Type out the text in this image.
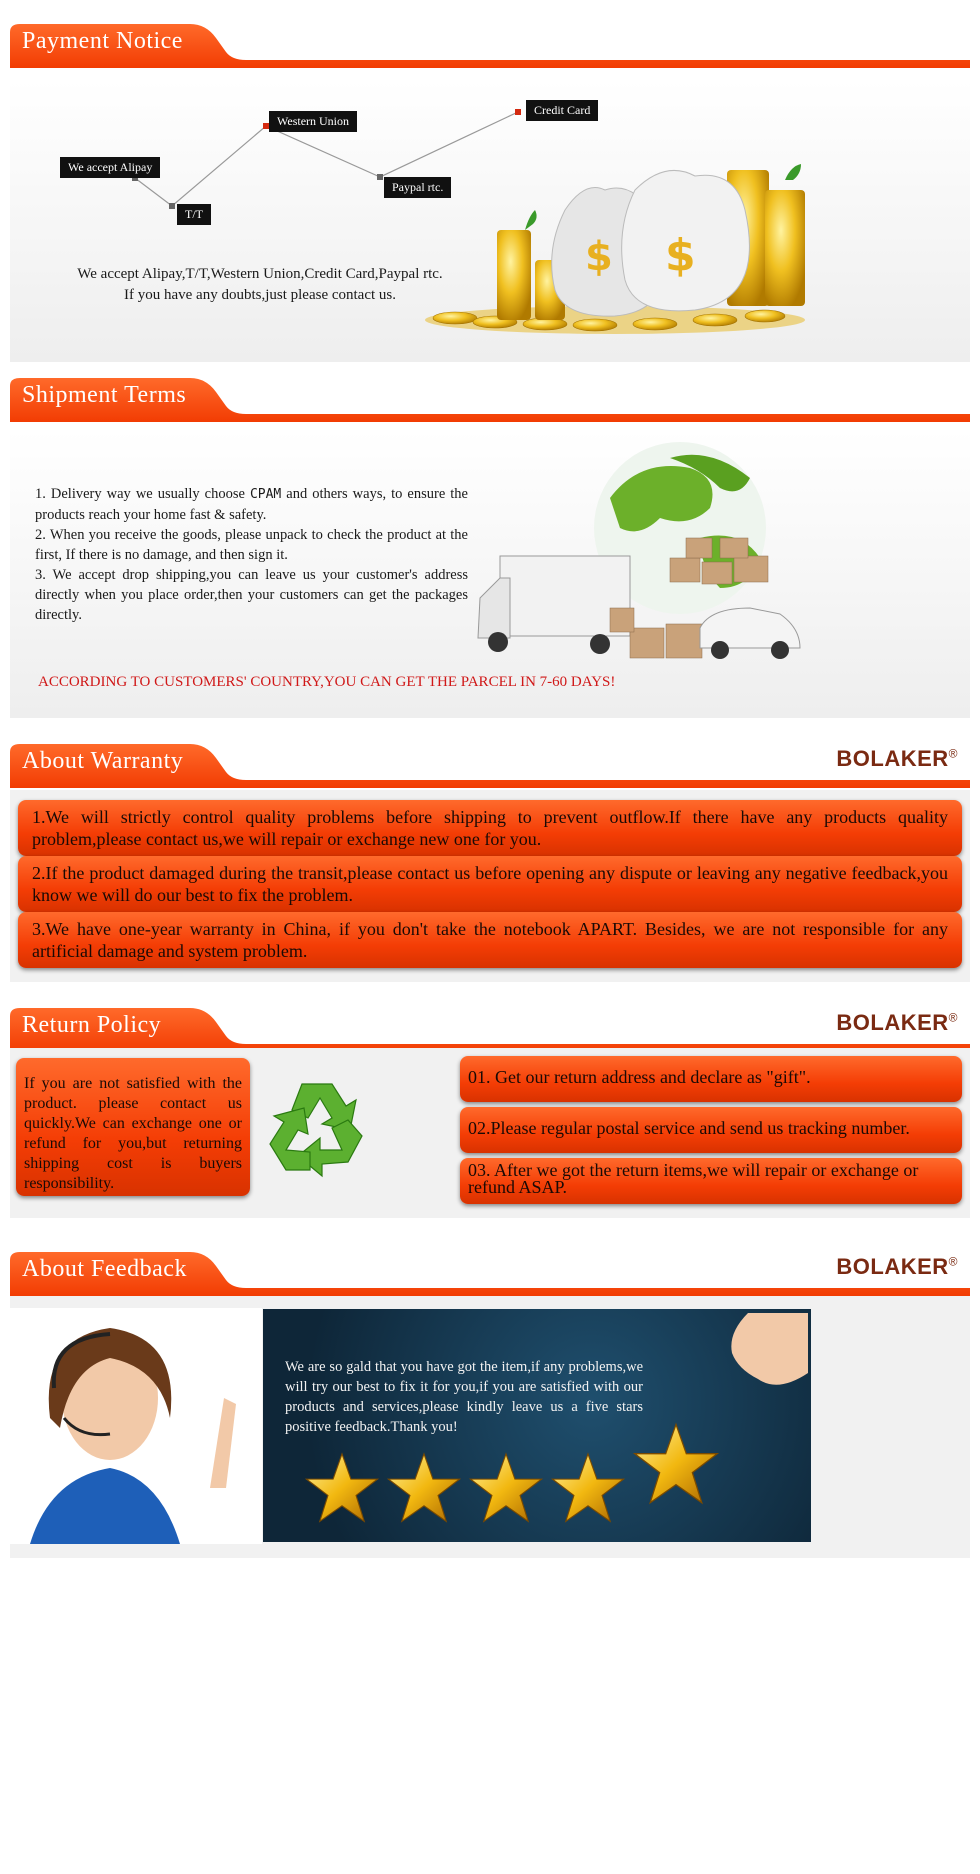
Payment Notice
We accept Alipay
T/T
Western Union
Paypal rtc.
Credit Card
We accept Alipay,T/T,Western Union,Credit Card,Paypal rtc.
If you have any doubts,just please contact us.
$ $
Shipment Terms
1. Delivery way we usually choose CPAM and others ways, to ensure the products reach your home fast & safety.
2. When you receive the goods, please unpack to check the product at the first, If there is no damage, and then sign it.
3. We accept drop shipping,you can leave us your customer's address directly when you place order,then your customers can get the packages directly.
ACCORDING TO CUSTOMERS' COUNTRY,YOU CAN GET THE PARCEL IN 7-60 DAYS!
About Warranty	BOLAKER®
1.We will strictly control quality problems before shipping to prevent outflow.If there have any products quality problem,please contact us,we will repair or exchange new one for you.
2.If the product damaged during the transit,please contact us before opening any dispute or leaving any negative feedback,you know we will do our best to fix the problem.
3.We have one-year warranty in China, if you don't take the notebook APART. Besides, we are not responsible for any artificial damage and system problem.
Return Policy	BOLAKER®
If you are not satisfied with the product. please contact us quickly.We can exchange one or refund for you,but returning shipping cost is buyers responsibility.
01. Get our return address and declare as "gift".
02.Please regular postal service and send us tracking number.
03. After we got the return items,we will repair or exchange or refund ASAP.
About Feedback	BOLAKER®
We are so gald that you have got the item,if any problems,we will try our best to fix it for you,if you are satisfied with our products and services,please kindly leave us a five stars positive feedback.Thank you!
